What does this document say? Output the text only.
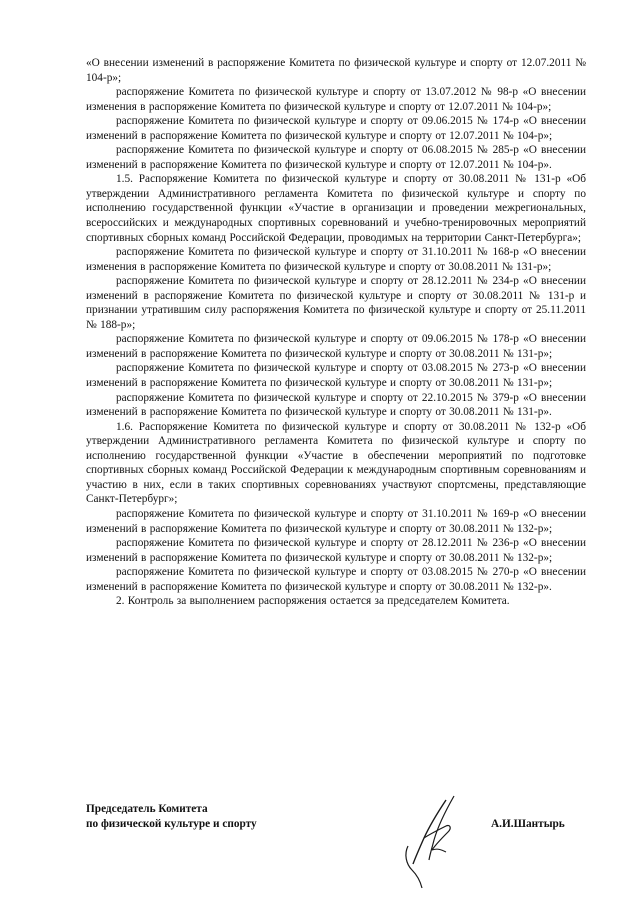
«О внесении изменений в распоряжение Комитета по физической культуре и спорту от 12.07.2011 № 104-р»;

распоряжение Комитета по физической культуре и спорту от 13.07.2012 № 98-р «О внесении изменения в распоряжение Комитета по физической культуре и спорту от 12.07.2011 № 104-р»;

распоряжение Комитета по физической культуре и спорту от 09.06.2015 № 174-р «О внесении изменений в распоряжение Комитета по физической культуре и спорту от 12.07.2011 № 104-р»;

распоряжение Комитета по физической культуре и спорту от 06.08.2015 № 285-р «О внесении изменений в распоряжение Комитета по физической культуре и спорту от 12.07.2011 № 104-р».

1.5. Распоряжение Комитета по физической культуре и спорту от 30.08.2011 № 131-р «Об утверждении Административного регламента Комитета по физической культуре и спорту по исполнению государственной функции «Участие в организации и проведении межрегиональных, всероссийских и международных спортивных соревнований и учебно-тренировочных мероприятий спортивных сборных команд Российской Федерации, проводимых на территории Санкт-Петербурга»;

распоряжение Комитета по физической культуре и спорту от 31.10.2011 № 168-р «О внесении изменения в распоряжение Комитета по физической культуре и спорту от 30.08.2011 № 131-р»;

распоряжение Комитета по физической культуре и спорту от 28.12.2011 № 234-р «О внесении изменений в распоряжение Комитета по физической культуре и спорту от 30.08.2011 № 131-р и признании утратившим силу распоряжения Комитета по физической культуре и спорту от 25.11.2011 № 188-р»;

распоряжение Комитета по физической культуре и спорту от 09.06.2015 № 178-р «О внесении изменений в распоряжение Комитета по физической культуре и спорту от 30.08.2011 № 131-р»;

распоряжение Комитета по физической культуре и спорту от 03.08.2015 № 273-р «О внесении изменений в распоряжение Комитета по физической культуре и спорту от 30.08.2011 № 131-р»;

распоряжение Комитета по физической культуре и спорту от 22.10.2015 № 379-р «О внесении изменений в распоряжение Комитета по физической культуре и спорту от 30.08.2011 № 131-р».

1.6. Распоряжение Комитета по физической культуре и спорту от 30.08.2011 № 132-р «Об утверждении Административного регламента Комитета по физической культуре и спорту по исполнению государственной функции «Участие в обеспечении мероприятий по подготовке спортивных сборных команд Российской Федерации к международным спортивным соревнованиям и участию в них, если в таких спортивных соревнованиях участвуют спортсмены, представляющие Санкт-Петербург»;

распоряжение Комитета по физической культуре и спорту от 31.10.2011 № 169-р «О внесении изменений в распоряжение Комитета по физической культуре и спорту от 30.08.2011 № 132-р»;

распоряжение Комитета по физической культуре и спорту от 28.12.2011 № 236-р «О внесении изменений в распоряжение Комитета по физической культуре и спорту от 30.08.2011 № 132-р»;

распоряжение Комитета по физической культуре и спорту от 03.08.2015 № 270-р «О внесении изменений в распоряжение Комитета по физической культуре и спорту от 30.08.2011 № 132-р».

2. Контроль за выполнением распоряжения остается за председателем Комитета.

Председатель Комитета
по физической культуре и спорту	А.И.Шантырь
